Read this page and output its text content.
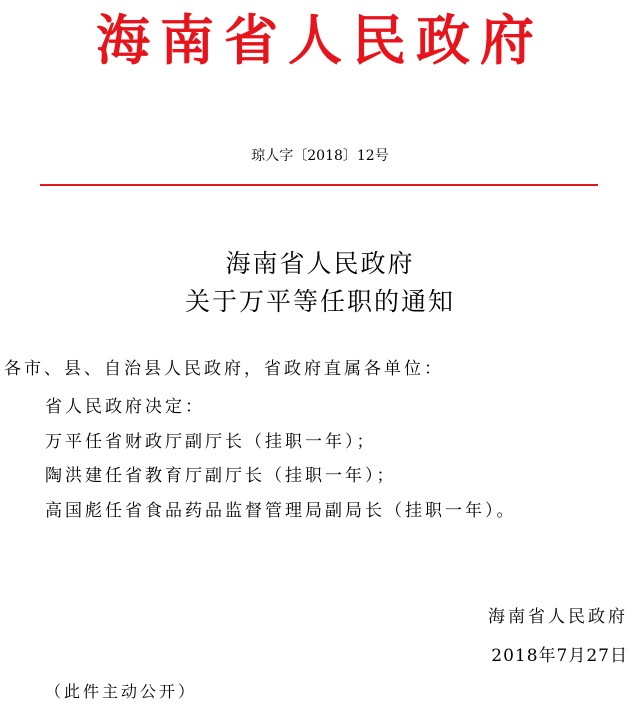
海南省人民政府
琼人字〔2018〕12号
海南省人民政府
关于万平等任职的通知
各市、县、自治县人民政府，省政府直属各单位：
省人民政府决定：
万平任省财政厅副厅长（挂职一年）；
陶洪建任省教育厅副厅长（挂职一年）；
高国彪任省食品药品监督管理局副局长（挂职一年）。
海南省人民政府
2018年7月27日
（此件主动公开）
